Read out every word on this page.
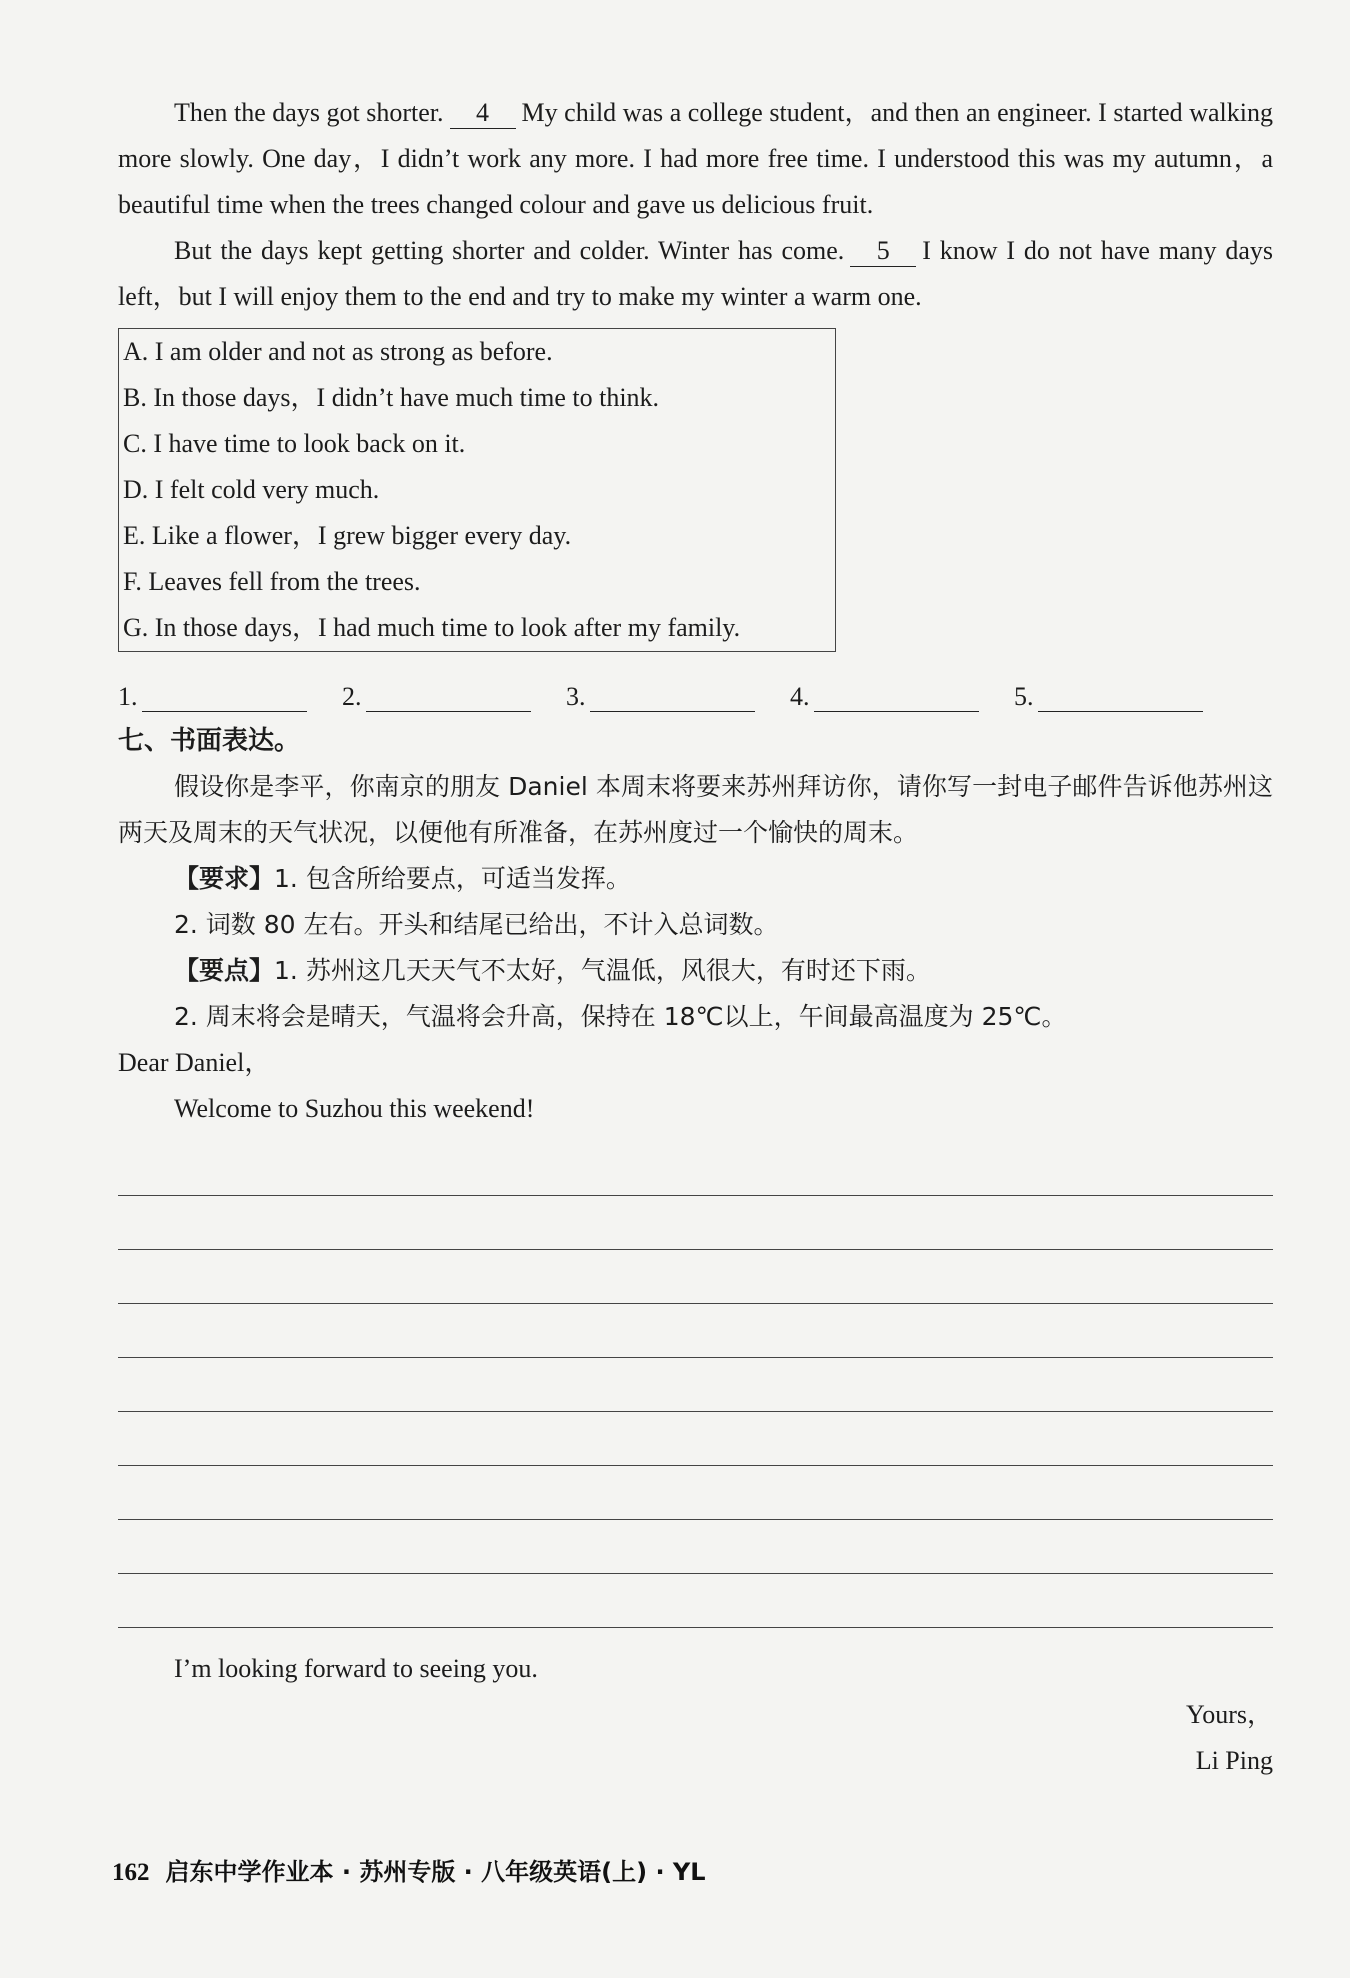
Then the days got shorter. 4 My child was a college student，and then an engineer. I started walking more slowly. One day，I didn’t work any more. I had more free time. I understood this was my autumn，a beautiful time when the trees changed colour and gave us delicious fruit.

But the days kept getting shorter and colder. Winter has come. 5 I know I do not have many days left，but I will enjoy them to the end and try to make my winter a warm one.

A. I am older and not as strong as before.
B. In those days，I didn’t have much time to think.
C. I have time to look back on it.
D. I felt cold very much.
E. Like a flower，I grew bigger every day.
F. Leaves fell from the trees.
G. In those days，I had much time to look after my family.
1.	2.	3.	4.	5.
七、书面表达。

假设你是李平，你南京的朋友 Daniel 本周末将要来苏州拜访你，请你写一封电子邮件告诉他苏州这两天及周末的天气状况，以便他有所准备，在苏州度过一个愉快的周末。

【要求】1. 包含所给要点，可适当发挥。

2. 词数 80 左右。开头和结尾已给出，不计入总词数。

【要点】1. 苏州这几天天气不太好，气温低，风很大，有时还下雨。

2. 周末将会是晴天，气温将会升高，保持在 18℃以上，午间最高温度为 25℃。

Dear Daniel，

Welcome to Suzhou this weekend!

I’m looking forward to seeing you.

Yours，

Li Ping

162 启东中学作业本 · 苏州专版 · 八年级英语(上) · YL
